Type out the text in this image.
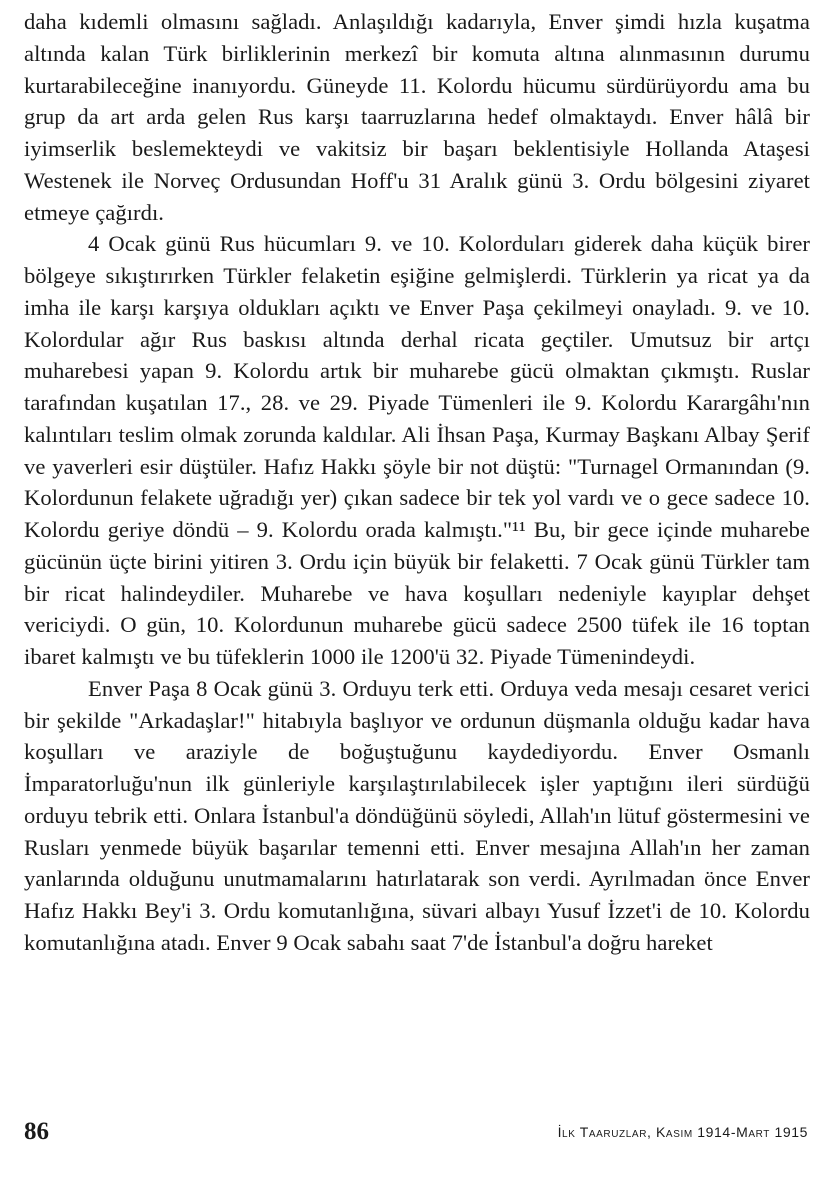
daha kıdemli olmasını sağladı. Anlaşıldığı kadarıyla, Enver şimdi hızla kuşatma altında kalan Türk birliklerinin merkezî bir komuta altına alınmasının durumu kurtarabileceğine inanıyordu. Güneyde 11. Kolordu hücumu sürdürüyordu ama bu grup da art arda gelen Rus karşı taarruzlarına hedef olmaktaydı. Enver hâlâ bir iyimserlik beslemekteydi ve vakitsiz bir başarı beklentisiyle Hollanda Ataşesi Westenek ile Norveç Ordusundan Hoff'u 31 Aralık günü 3. Ordu bölgesini ziyaret etmeye çağırdı.

4 Ocak günü Rus hücumları 9. ve 10. Kolorduları giderek daha küçük birer bölgeye sıkıştırırken Türkler felaketin eşiğine gelmişlerdi. Türklerin ya ricat ya da imha ile karşı karşıya oldukları açıktı ve Enver Paşa çekilmeyi onayladı. 9. ve 10. Kolordular ağır Rus baskısı altında derhal ricata geçtiler. Umutsuz bir artçı muharebesi yapan 9. Kolordu artık bir muharebe gücü olmaktan çıkmıştı. Ruslar tarafından kuşatılan 17., 28. ve 29. Piyade Tümenleri ile 9. Kolordu Karargâhı'nın kalıntıları teslim olmak zorunda kaldılar. Ali İhsan Paşa, Kurmay Başkanı Albay Şerif ve yaverleri esir düştüler. Hafız Hakkı şöyle bir not düştü: "Turnagel Ormanından (9. Kolordunun felakete uğradığı yer) çıkan sadece bir tek yol vardı ve o gece sadece 10. Kolordu geriye döndü – 9. Kolordu orada kalmıştı."¹¹ Bu, bir gece içinde muharebe gücünün üçte birini yitiren 3. Ordu için büyük bir felaketti. 7 Ocak günü Türkler tam bir ricat halindeydiler. Muharebe ve hava koşulları nedeniyle kayıplar dehşet vericiydi. O gün, 10. Kolordunun muharebe gücü sadece 2500 tüfek ile 16 toptan ibaret kalmıştı ve bu tüfeklerin 1000 ile 1200'ü 32. Piyade Tümenindeydi.

Enver Paşa 8 Ocak günü 3. Orduyu terk etti. Orduya veda mesajı cesaret verici bir şekilde "Arkadaşlar!" hitabıyla başlıyor ve ordunun düşmanla olduğu kadar hava koşulları ve araziyle de boğuştuğunu kaydediyordu. Enver Osmanlı İmparatorluğu'nun ilk günleriyle karşılaştırılabilecek işler yaptığını ileri sürdüğü orduyu tebrik etti. Onlara İstanbul'a döndüğünü söyledi, Allah'ın lütuf göstermesini ve Rusları yenmede büyük başarılar temenni etti. Enver mesajına Allah'ın her zaman yanlarında olduğunu unutmamalarını hatırlatarak son verdi. Ayrılmadan önce Enver Hafız Hakkı Bey'i 3. Ordu komutanlığına, süvari albayı Yusuf İzzet'i de 10. Kolordu komutanlığına atadı. Enver 9 Ocak sabahı saat 7'de İstanbul'a doğru hareket

86	İlk Taaruzlar, Kasım 1914-Mart 1915
